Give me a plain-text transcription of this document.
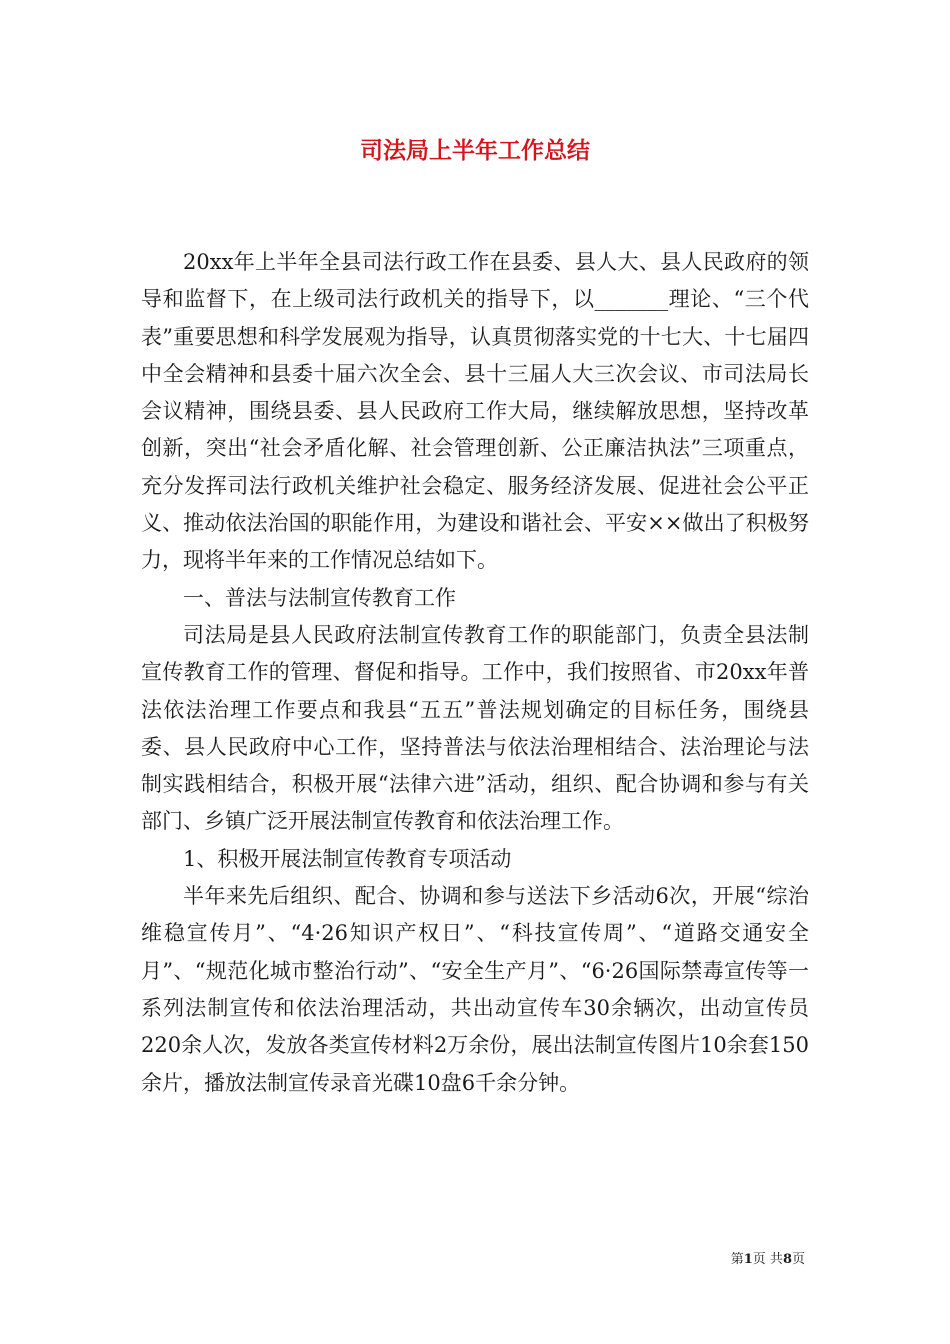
司法局上半年工作总结

20xx年上半年全县司法行政工作在县委、县人大、县人民政府的领导和监督下，在上级司法行政机关的指导下，以_______理论、“三个代表”重要思想和科学发展观为指导，认真贯彻落实党的十七大、十七届四中全会精神和县委十届六次全会、县十三届人大三次会议、市司法局长会议精神，围绕县委、县人民政府工作大局，继续解放思想，坚持改革创新，突出“社会矛盾化解、社会管理创新、公正廉洁执法”三项重点，充分发挥司法行政机关维护社会稳定、服务经济发展、促进社会公平正义、推动依法治国的职能作用，为建设和谐社会、平安××做出了积极努力，现将半年来的工作情况总结如下。

一、普法与法制宣传教育工作

司法局是县人民政府法制宣传教育工作的职能部门，负责全县法制宣传教育工作的管理、督促和指导。工作中，我们按照省、市20xx年普法依法治理工作要点和我县“五五”普法规划确定的目标任务，围绕县委、县人民政府中心工作，坚持普法与依法治理相结合、法治理论与法制实践相结合，积极开展“法律六进”活动，组织、配合协调和参与有关部门、乡镇广泛开展法制宣传教育和依法治理工作。

1、积极开展法制宣传教育专项活动

半年来先后组织、配合、协调和参与送法下乡活动6次，开展“综治维稳宣传月”、“4·26知识产权日”、“科技宣传周”、“道路交通安全月”、“规范化城市整治行动”、“安全生产月”、“6·26国际禁毒宣传等一系列法制宣传和依法治理活动，共出动宣传车30余辆次，出动宣传员220余人次，发放各类宣传材料2万余份，展出法制宣传图片10余套150余片，播放法制宣传录音光碟10盘6千余分钟。

第1页 共8页
